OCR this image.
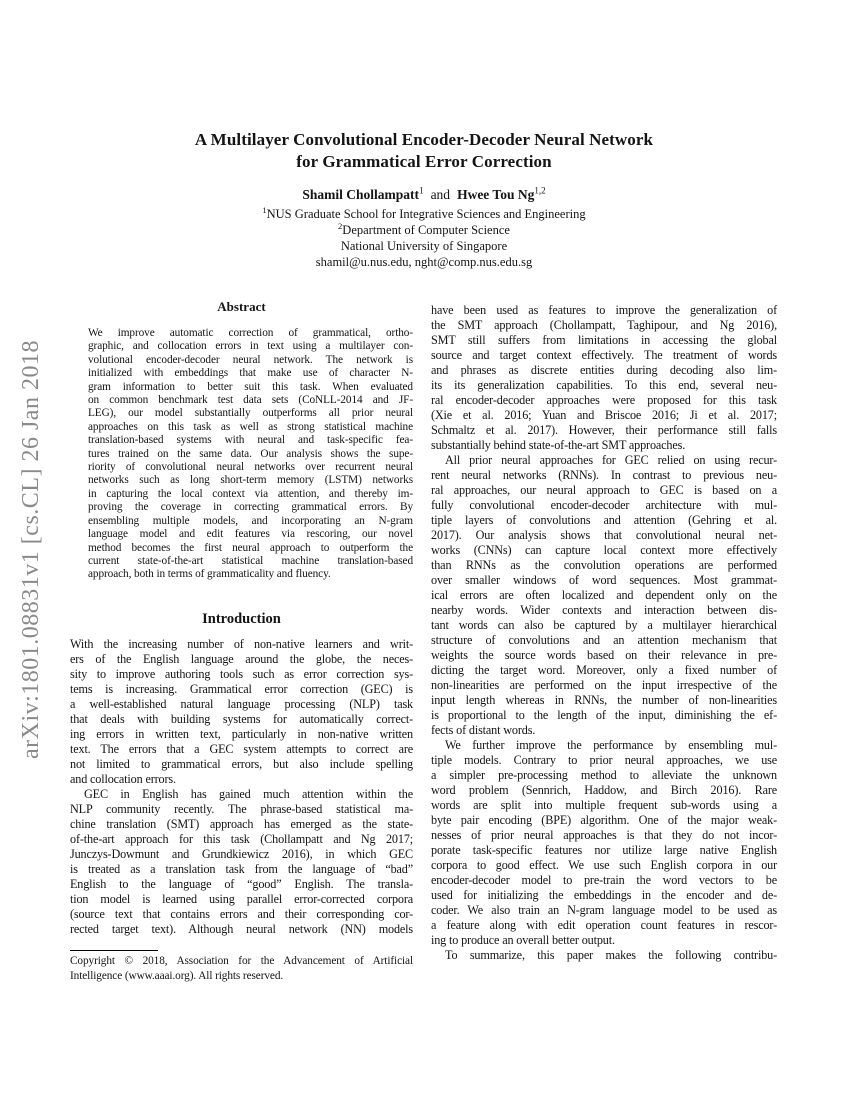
arXiv:1801.08831v1 [cs.CL] 26 Jan 2018
A Multilayer Convolutional Encoder-Decoder Neural Network
for Grammatical Error Correction
Shamil Chollampatt$^1$ and Hwee Tou Ng$^{1,2}$
$^1$NUS Graduate School for Integrative Sciences and Engineering
$^2$Department of Computer Science
National University of Singapore
shamil@u.nus.edu, nght@comp.nus.edu.sg
Abstract
We improve automatic correction of grammatical, ortho-
graphic, and collocation errors in text using a multilayer con-
volutional encoder-decoder neural network. The network is
initialized with embeddings that make use of character N-
gram information to better suit this task. When evaluated
on common benchmark test data sets (CoNLL-2014 and JF-
LEG), our model substantially outperforms all prior neural
approaches on this task as well as strong statistical machine
translation-based systems with neural and task-specific fea-
tures trained on the same data. Our analysis shows the supe-
riority of convolutional neural networks over recurrent neural
networks such as long short-term memory (LSTM) networks
in capturing the local context via attention, and thereby im-
proving the coverage in correcting grammatical errors. By
ensembling multiple models, and incorporating an N-gram
language model and edit features via rescoring, our novel
method becomes the first neural approach to outperform the
current state-of-the-art statistical machine translation-based
approach, both in terms of grammaticality and fluency.
Introduction
With the increasing number of non-native learners and writ-
ers of the English language around the globe, the neces-
sity to improve authoring tools such as error correction sys-
tems is increasing. Grammatical error correction (GEC) is
a well-established natural language processing (NLP) task
that deals with building systems for automatically correct-
ing errors in written text, particularly in non-native written
text. The errors that a GEC system attempts to correct are
not limited to grammatical errors, but also include spelling
and collocation errors.
GEC in English has gained much attention within the
NLP community recently. The phrase-based statistical ma-
chine translation (SMT) approach has emerged as the state-
of-the-art approach for this task (Chollampatt and Ng 2017;
Junczys-Dowmunt and Grundkiewicz 2016), in which GEC
is treated as a translation task from the language of “bad”
English to the language of “good” English. The transla-
tion model is learned using parallel error-corrected corpora
(source text that contains errors and their corresponding cor-
rected target text). Although neural network (NN) models
Copyright © 2018, Association for the Advancement of Artificial
Intelligence (www.aaai.org). All rights reserved.
have been used as features to improve the generalization of
the SMT approach (Chollampatt, Taghipour, and Ng 2016),
SMT still suffers from limitations in accessing the global
source and target context effectively. The treatment of words
and phrases as discrete entities during decoding also lim-
its its generalization capabilities. To this end, several neu-
ral encoder-decoder approaches were proposed for this task
(Xie et al. 2016; Yuan and Briscoe 2016; Ji et al. 2017;
Schmaltz et al. 2017). However, their performance still falls
substantially behind state-of-the-art SMT approaches.
All prior neural approaches for GEC relied on using recur-
rent neural networks (RNNs). In contrast to previous neu-
ral approaches, our neural approach to GEC is based on a
fully convolutional encoder-decoder architecture with mul-
tiple layers of convolutions and attention (Gehring et al.
2017). Our analysis shows that convolutional neural net-
works (CNNs) can capture local context more effectively
than RNNs as the convolution operations are performed
over smaller windows of word sequences. Most grammat-
ical errors are often localized and dependent only on the
nearby words. Wider contexts and interaction between dis-
tant words can also be captured by a multilayer hierarchical
structure of convolutions and an attention mechanism that
weights the source words based on their relevance in pre-
dicting the target word. Moreover, only a fixed number of
non-linearities are performed on the input irrespective of the
input length whereas in RNNs, the number of non-linearities
is proportional to the length of the input, diminishing the ef-
fects of distant words.
We further improve the performance by ensembling mul-
tiple models. Contrary to prior neural approaches, we use
a simpler pre-processing method to alleviate the unknown
word problem (Sennrich, Haddow, and Birch 2016). Rare
words are split into multiple frequent sub-words using a
byte pair encoding (BPE) algorithm. One of the major weak-
nesses of prior neural approaches is that they do not incor-
porate task-specific features nor utilize large native English
corpora to good effect. We use such English corpora in our
encoder-decoder model to pre-train the word vectors to be
used for initializing the embeddings in the encoder and de-
coder. We also train an N-gram language model to be used as
a feature along with edit operation count features in rescor-
ing to produce an overall better output.
To summarize, this paper makes the following contribu-
